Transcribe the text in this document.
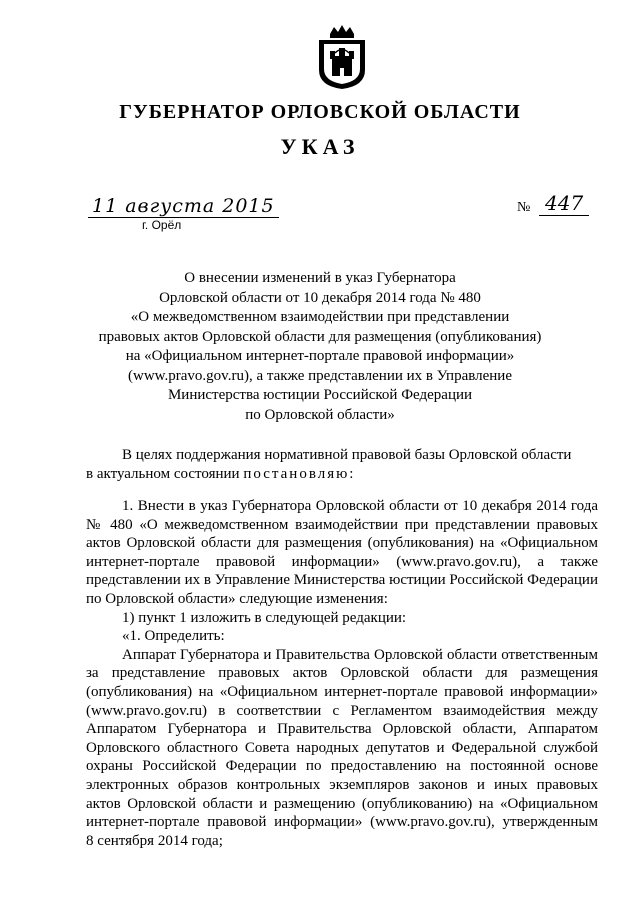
ГУБЕРНАТОР ОРЛОВСКОЙ ОБЛАСТИ
УКАЗ
11 августа 2015
г. Орёл
№ 447
О внесении изменений в указ Губернатора
Орловской области от 10 декабря 2014 года № 480
«О межведомственном взаимодействии при представлении
правовых актов Орловской области для размещения (опубликования)
на «Официальном интернет-портале правовой информации»
(www.pravo.gov.ru), а также представлении их в Управление
Министерства юстиции Российской Федерации
по Орловской области»
В целях поддержания нормативной правовой базы Орловской области
в актуальном состоянии постановляю:
1. Внести в указ Губернатора Орловской области от 10 декабря 2014 года
№ 480 «О межведомственном взаимодействии при представлении правовых
актов Орловской области для размещения (опубликования) на «Официальном
интернет-портале правовой информации» (www.pravo.gov.ru), а также
представлении их в Управление Министерства юстиции Российской Федерации
по Орловской области» следующие изменения:
1) пункт 1 изложить в следующей редакции:
«1. Определить:
Аппарат Губернатора и Правительства Орловской области ответственным
за представление правовых актов Орловской области для размещения
(опубликования) на «Официальном интернет-портале правовой информации»
(www.pravo.gov.ru) в соответствии с Регламентом взаимодействия между
Аппаратом Губернатора и Правительства Орловской области, Аппаратом
Орловского областного Совета народных депутатов и Федеральной службой
охраны Российской Федерации по предоставлению на постоянной основе
электронных образов контрольных экземпляров законов и иных правовых
актов Орловской области и размещению (опубликованию) на «Официальном
интернет-портале правовой информации» (www.pravo.gov.ru), утвержденным
8 сентября 2014 года;
